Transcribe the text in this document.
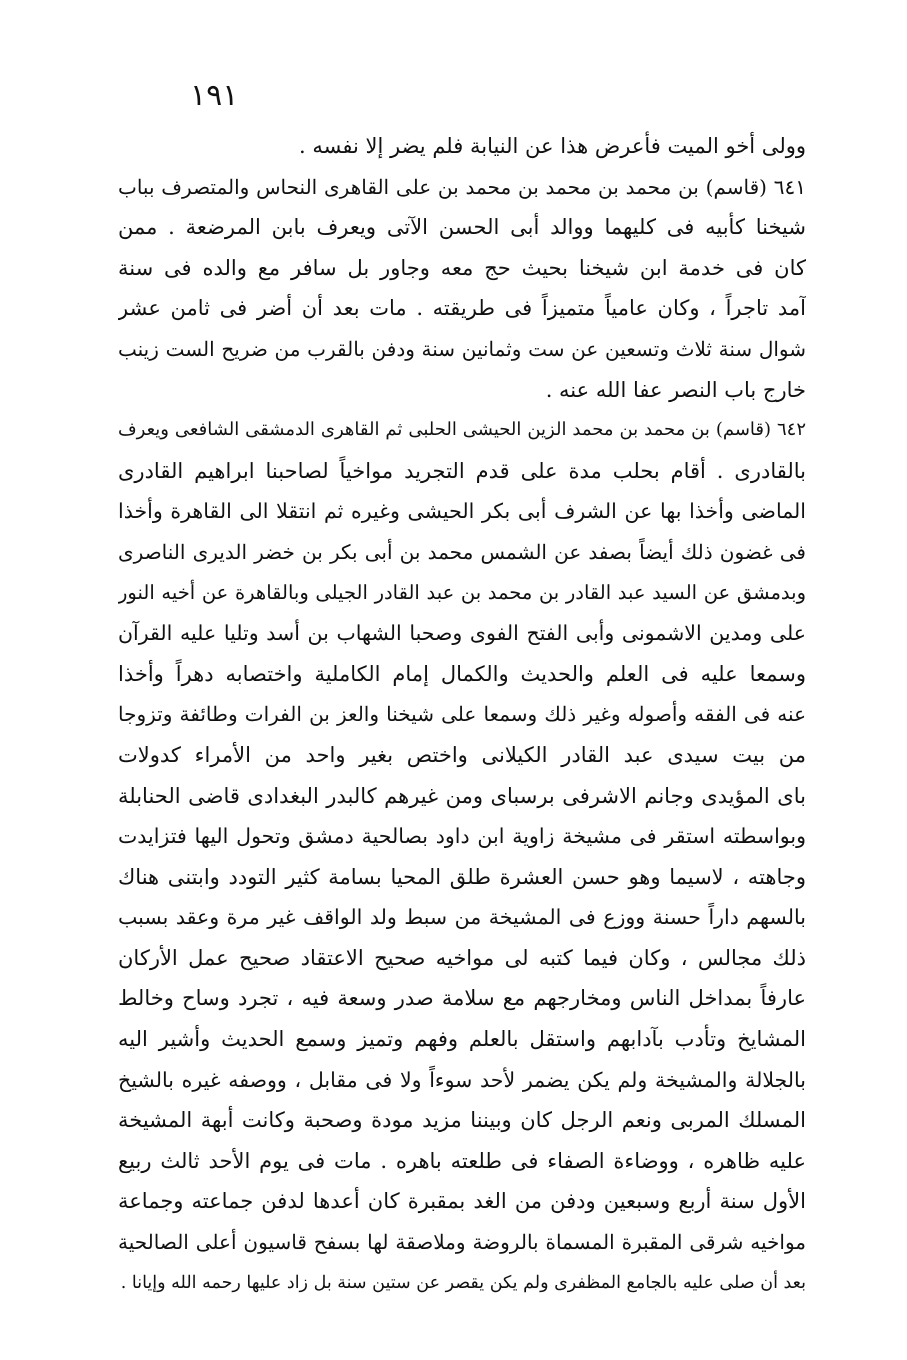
١٩١
وولى أخو الميت فأعرض هذا عن النيابة فلم يضر إلا نفسه .
٦٤١ (قاسم) بن محمد بن محمد بن محمد بن على القاهرى النحاس والمتصرف بباب
شيخنا كأبيه فى كليهما ووالد أبى الحسن الآتى ويعرف بابن المرضعة . ممن
كان فى خدمة ابن شيخنا بحيث حج معه وجاور بل سافر مع والده فى سنة
آمد تاجراً ، وكان عامياً متميزاً فى طريقته . مات بعد أن أضر فى ثامن عشر
شوال سنة ثلاث وتسعين عن ست وثمانين سنة ودفن بالقرب من ضريح الست زينب
خارج باب النصر عفا الله عنه .
٦٤٢ (قاسم) بن محمد بن محمد الزين الحيشى الحلبى ثم القاهرى الدمشقى الشافعى ويعرف
بالقادرى . أقام بحلب مدة على قدم التجريد مواخياً لصاحبنا ابراهيم القادرى
الماضى وأخذا بها عن الشرف أبى بكر الحيشى وغيره ثم انتقلا الى القاهرة وأخذا
فى غضون ذلك أيضاً بصفد عن الشمس محمد بن أبى بكر بن خضر الديرى الناصرى
وبدمشق عن السيد عبد القادر بن محمد بن عبد القادر الجيلى وبالقاهرة عن أخيه النور
على ومدين الاشمونى وأبى الفتح الفوى وصحبا الشهاب بن أسد وتليا عليه القرآن
وسمعا عليه فى العلم والحديث والكمال إمام الكاملية واختصابه دهراً وأخذا
عنه فى الفقه وأصوله وغير ذلك وسمعا على شيخنا والعز بن الفرات وطائفة وتزوجا
من بيت سيدى عبد القادر الكيلانى واختص بغير واحد من الأمراء كدولات
باى المؤيدى وجانم الاشرفى برسباى ومن غيرهم كالبدر البغدادى قاضى الحنابلة
وبواسطته استقر فى مشيخة زاوية ابن داود بصالحية دمشق وتحول اليها فتزايدت
وجاهته ، لاسيما وهو حسن العشرة طلق المحيا بسامة كثير التودد وابتنى هناك
بالسهم داراً حسنة ووزع فى المشيخة من سبط ولد الواقف غير مرة وعقد بسبب
ذلك مجالس ، وكان فيما كتبه لى مواخيه صحيح الاعتقاد صحيح عمل الأركان
عارفاً بمداخل الناس ومخارجهم مع سلامة صدر وسعة فيه ، تجرد وساح وخالط
المشايخ وتأدب بآدابهم واستقل بالعلم وفهم وتميز وسمع الحديث وأشير اليه
بالجلالة والمشيخة ولم يكن يضمر لأحد سوءاً ولا فى مقابل ، ووصفه غيره بالشيخ
المسلك المربى ونعم الرجل كان وبيننا مزيد مودة وصحبة وكانت أبهة المشيخة
عليه ظاهره ، ووضاءة الصفاء فى طلعته باهره . مات فى يوم الأحد ثالث ربيع
الأول سنة أربع وسبعين ودفن من الغد بمقبرة كان أعدها لدفن جماعته وجماعة
مواخيه شرقى المقبرة المسماة بالروضة وملاصقة لها بسفح قاسيون أعلى الصالحية
بعد أن صلى عليه بالجامع المظفرى ولم يكن يقصر عن ستين سنة بل زاد عليها رحمه الله وإيانا .
